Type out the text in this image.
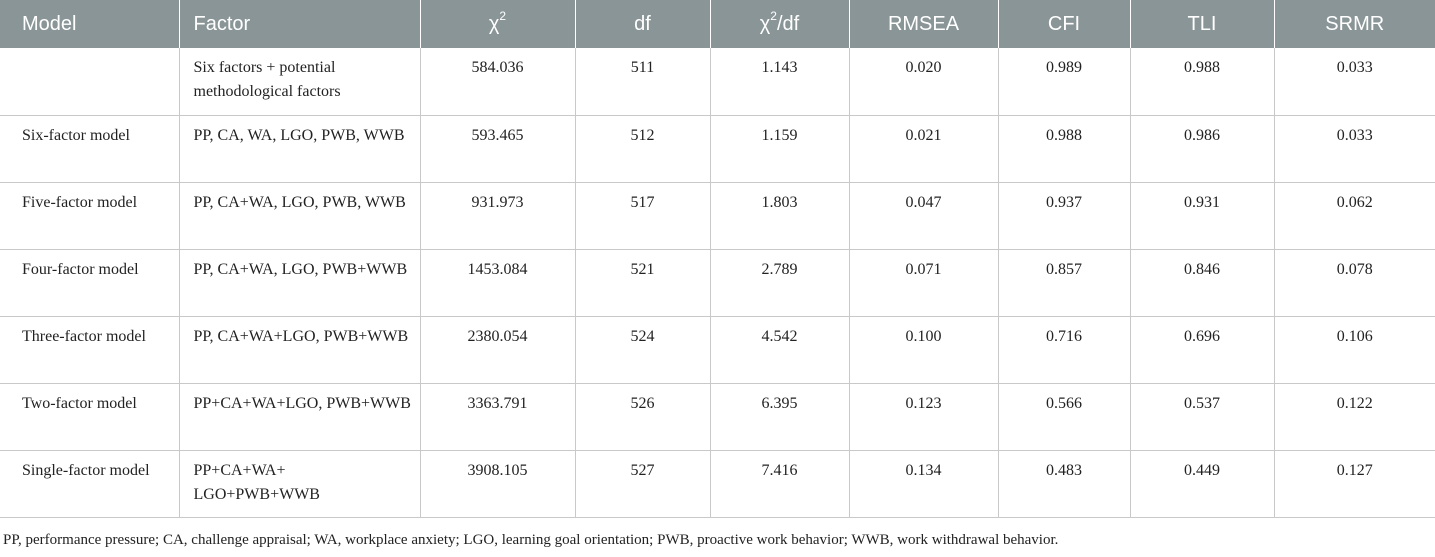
Model	Factor	$\chi^2$	df	$\chi^2/df$	RMSEA	CFI	TLI	SRMR
	Six factors + potential methodological factors	584.036	511	1.143	0.020	0.989	0.988	0.033
Six-factor model	PP, CA, WA, LGO, PWB, WWB	593.465	512	1.159	0.021	0.988	0.986	0.033
Five-factor model	PP, CA+WA, LGO, PWB, WWB	931.973	517	1.803	0.047	0.937	0.931	0.062
Four-factor model	PP, CA+WA, LGO, PWB+WWB	1453.084	521	2.789	0.071	0.857	0.846	0.078
Three-factor model	PP, CA+WA+LGO, PWB+WWB	2380.054	524	4.542	0.100	0.716	0.696	0.106
Two-factor model	PP+CA+WA+LGO, PWB+WWB	3363.791	526	6.395	0.123	0.566	0.537	0.122
Single-factor model	PP+CA+WA+ LGO+PWB+WWB	3908.105	527	7.416	0.134	0.483	0.449	0.127
PP, performance pressure; CA, challenge appraisal; WA, workplace anxiety; LGO, learning goal orientation; PWB, proactive work behavior; WWB, work withdrawal behavior.
